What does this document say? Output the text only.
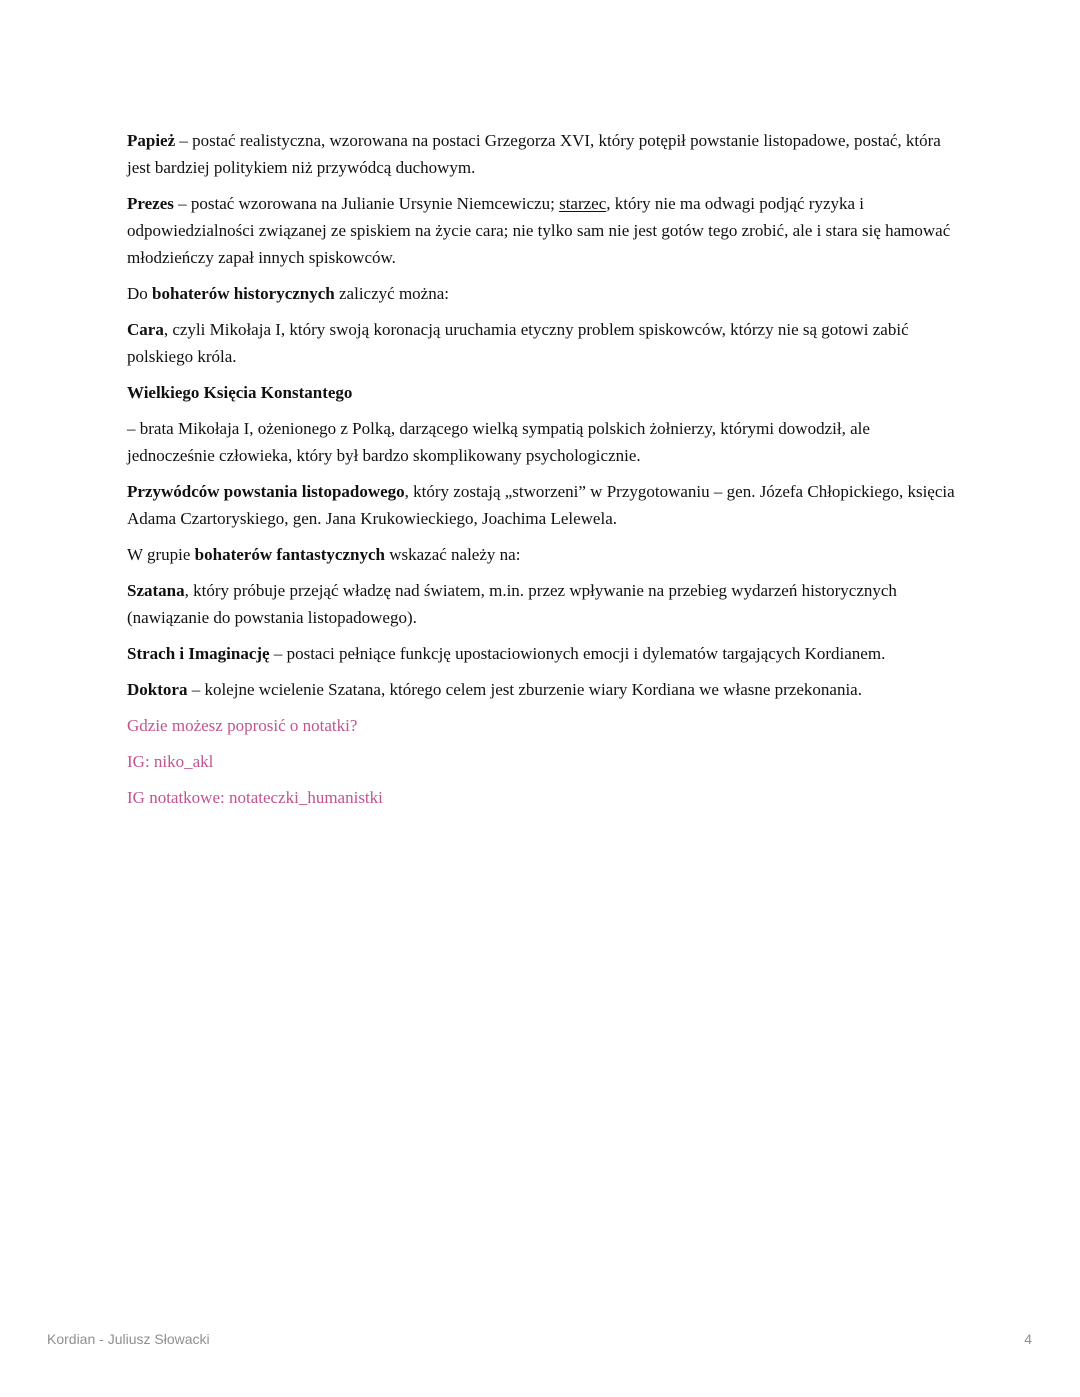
Papież – postać realistyczna, wzorowana na postaci Grzegorza XVI, który potępił powstanie listopadowe, postać, która jest bardziej politykiem niż przywódcą duchowym.

Prezes – postać wzorowana na Julianie Ursynie Niemcewiczu; starzec, który nie ma odwagi podjąć ryzyka i odpowiedzialności związanej ze spiskiem na życie cara; nie tylko sam nie jest gotów tego zrobić, ale i stara się hamować młodzieńczy zapał innych spiskowców.

Do bohaterów historycznych zaliczyć można:

Cara, czyli Mikołaja I, który swoją koronacją uruchamia etyczny problem spiskowców, którzy nie są gotowi zabić polskiego króla.

Wielkiego Księcia Konstantego

– brata Mikołaja I, ożenionego z Polką, darzącego wielką sympatią polskich żołnierzy, którymi dowodził, ale jednocześnie człowieka, który był bardzo skomplikowany psychologicznie.

Przywódców powstania listopadowego, który zostają „stworzeni” w Przygotowaniu – gen. Józefa Chłopickiego, księcia Adama Czartoryskiego, gen. Jana Krukowieckiego, Joachima Lelewela.

W grupie bohaterów fantastycznych wskazać należy na:

Szatana, który próbuje przejąć władzę nad światem, m.in. przez wpływanie na przebieg wydarzeń historycznych (nawiązanie do powstania listopadowego).

Strach i Imaginację – postaci pełniące funkcję upostaciowionych emocji i dylematów targających Kordianem.

Doktora – kolejne wcielenie Szatana, którego celem jest zburzenie wiary Kordiana we własne przekonania.

Gdzie możesz poprosić o notatki?

IG: niko_akl

IG notatkowe: notateczki_humanistki

Kordian - Juliusz Słowacki	4
